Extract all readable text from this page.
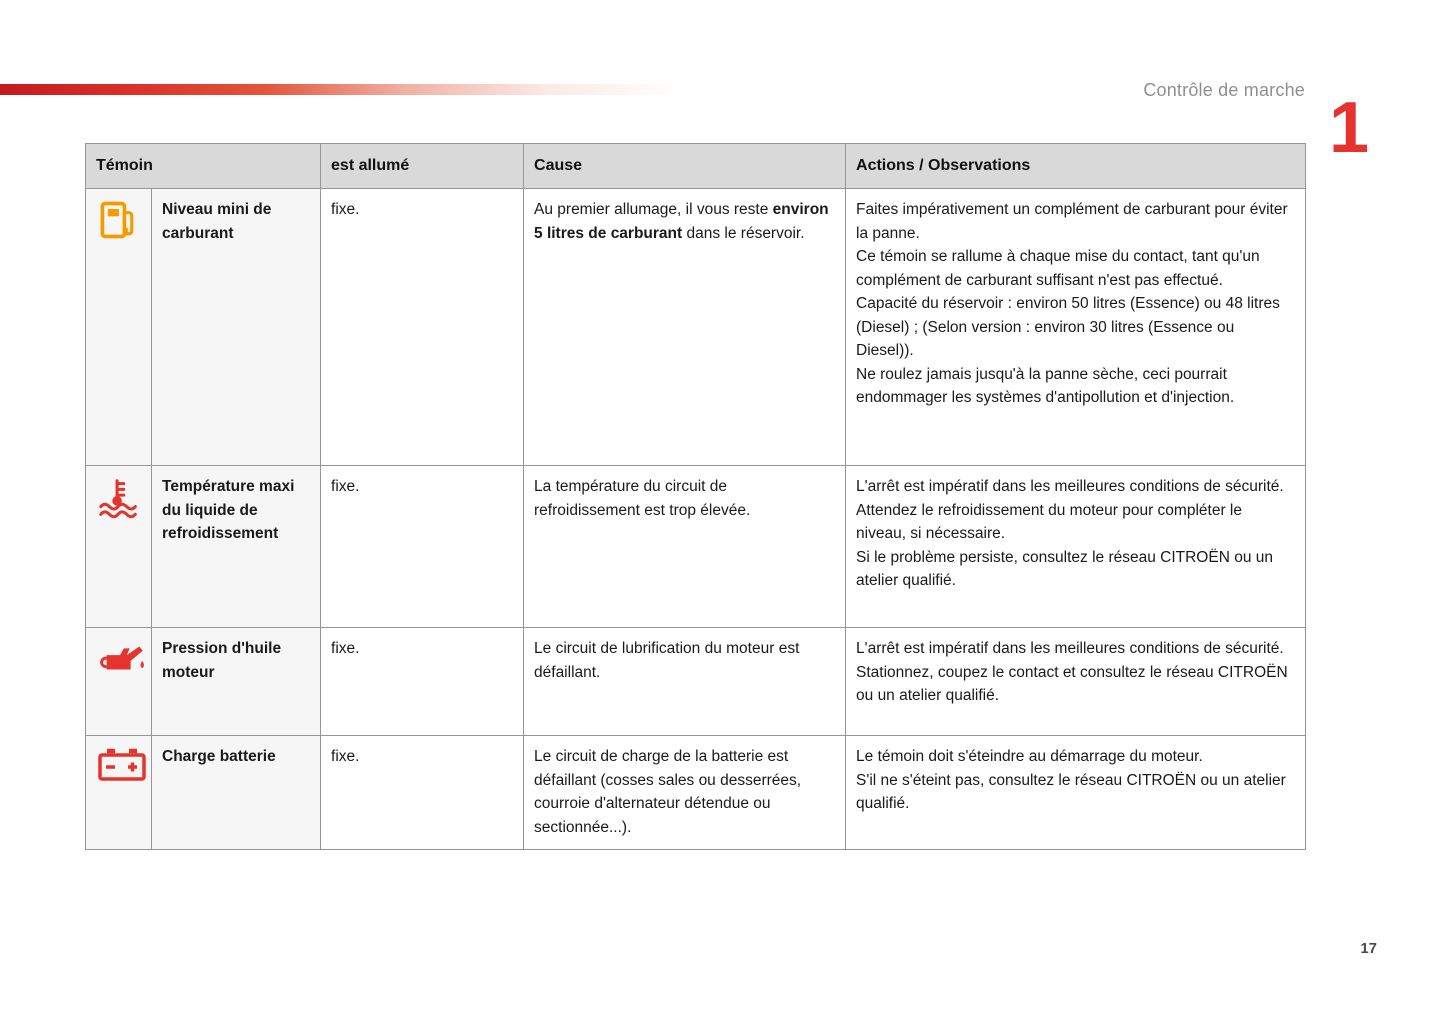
Contrôle de marche 1
Témoin		est allumé	Cause	Actions / Observations
	Niveau mini de carburant	fixe.	Au premier allumage, il vous reste environ 5 litres de carburant dans le réservoir.	Faites impérativement un complément de carburant pour éviter la panne.
Ce témoin se rallume à chaque mise du contact, tant qu'un complément de carburant suffisant n'est pas effectué.
Capacité du réservoir : environ 50 litres (Essence) ou 48 litres (Diesel) ; (Selon version : environ 30 litres (Essence ou Diesel)).
Ne roulez jamais jusqu'à la panne sèche, ceci pourrait endommager les systèmes d'antipollution et d'injection.

	Température maxi du liquide de refroidissement	fixe.	La température du circuit de refroidissement est trop élevée.	L'arrêt est impératif dans les meilleures conditions de sécurité.
Attendez le refroidissement du moteur pour compléter le niveau, si nécessaire.
Si le problème persiste, consultez le réseau CITROËN ou un atelier qualifié.

	Pression d'huile moteur	fixe.	Le circuit de lubrification du moteur est défaillant.	L'arrêt est impératif dans les meilleures conditions de sécurité.
Stationnez, coupez le contact et consultez le réseau CITROËN ou un atelier qualifié.

	Charge batterie	fixe.	Le circuit de charge de la batterie est défaillant (cosses sales ou desserrées, courroie d'alternateur détendue ou sectionnée...).	Le témoin doit s'éteindre au démarrage du moteur.
S'il ne s'éteint pas, consultez le réseau CITROËN ou un atelier qualifié.
17
